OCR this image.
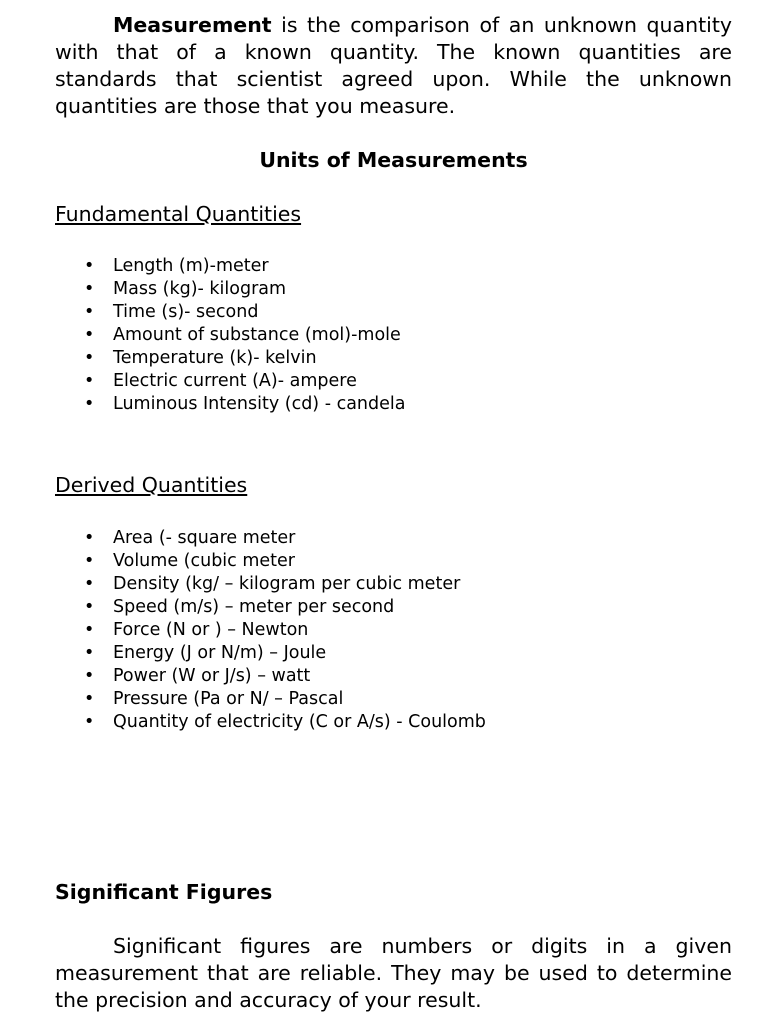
Measurement is the comparison of an unknown quantity with that of a known quantity. The known quantities are standards that scientist agreed upon. While the unknown quantities are those that you measure.

Units of Measurements

Fundamental Quantities

• Length (m)-meter
• Mass (kg)- kilogram
• Time (s)- second
• Amount of substance (mol)-mole
• Temperature (k)- kelvin
• Electric current (A)- ampere
• Luminous Intensity (cd) - candela

Derived Quantities

• Area (- square meter
• Volume (cubic meter
• Density (kg/ – kilogram per cubic meter
• Speed (m/s) – meter per second
• Force (N or ) – Newton
• Energy (J or N/m) – Joule
• Power (W or J/s) – watt
• Pressure (Pa or N/ – Pascal
• Quantity of electricity (C or A/s) - Coulomb

Significant Figures

Significant figures are numbers or digits in a given measurement that are reliable. They may be used to determine the precision and accuracy of your result.
